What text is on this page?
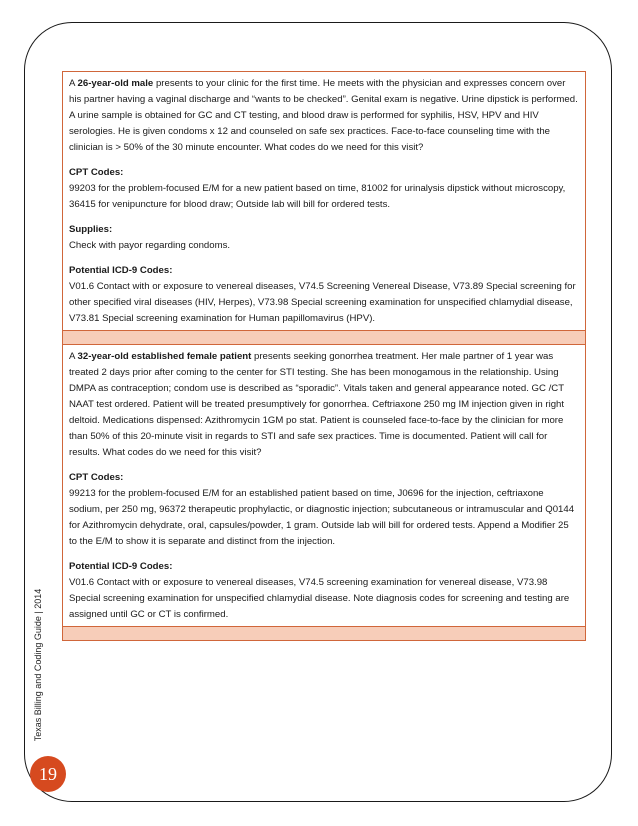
Texas Billing and Coding Guide | 2014
19

A 26-year-old male presents to your clinic for the first time. He meets with the physician and expresses concern over his partner having a vaginal discharge and “wants to be checked”. Genital exam is negative. Urine dipstick is performed. A urine sample is obtained for GC and CT testing, and blood draw is performed for syphilis, HSV, HPV and HIV serologies. He is given condoms x 12 and counseled on safe sex practices. Face-to-face counseling time with the clinician is > 50% of the 30 minute encounter. What codes do we need for this visit?

CPT Codes:

99203 for the problem-focused E/M for a new patient based on time, 81002 for urinalysis dipstick without microscopy, 36415 for venipuncture for blood draw; Outside lab will bill for ordered tests.

Supplies:

Check with payor regarding condoms.

Potential ICD-9 Codes:

V01.6 Contact with or exposure to venereal diseases, V74.5 Screening Venereal Disease, V73.89 Special screening for other specified viral diseases (HIV, Herpes), V73.98 Special screening examination for unspecified chlamydial disease, V73.81 Special screening examination for Human papillomavirus (HPV).

A 32-year-old established female patient presents seeking gonorrhea treatment. Her male partner of 1 year was treated 2 days prior after coming to the center for STI testing. She has been monogamous in the relationship. Using DMPA as contraception; condom use is described as “sporadic”. Vitals taken and general appearance noted. GC /CT NAAT test ordered. Patient will be treated presumptively for gonorrhea. Ceftriaxone 250 mg IM injection given in right deltoid. Medications dispensed: Azithromycin 1GM po stat. Patient is counseled face-to-face by the clinician for more than 50% of this 20-minute visit in regards to STI and safe sex practices. Time is documented. Patient will call for results. What codes do we need for this visit?

CPT Codes:

99213 for the problem-focused E/M for an established patient based on time, J0696 for the injection, ceftriaxone sodium, per 250 mg, 96372 therapeutic prophylactic, or diagnostic injection; subcutaneous or intramuscular and Q0144 for Azithromycin dehydrate, oral, capsules/powder, 1 gram. Outside lab will bill for ordered tests. Append a Modifier 25 to the E/M to show it is separate and distinct from the injection.

Potential ICD-9 Codes:

V01.6 Contact with or exposure to venereal diseases, V74.5 screening examination for venereal disease, V73.98 Special screening examination for unspecified chlamydial disease. Note diagnosis codes for screening and testing are assigned until GC or CT is confirmed.
